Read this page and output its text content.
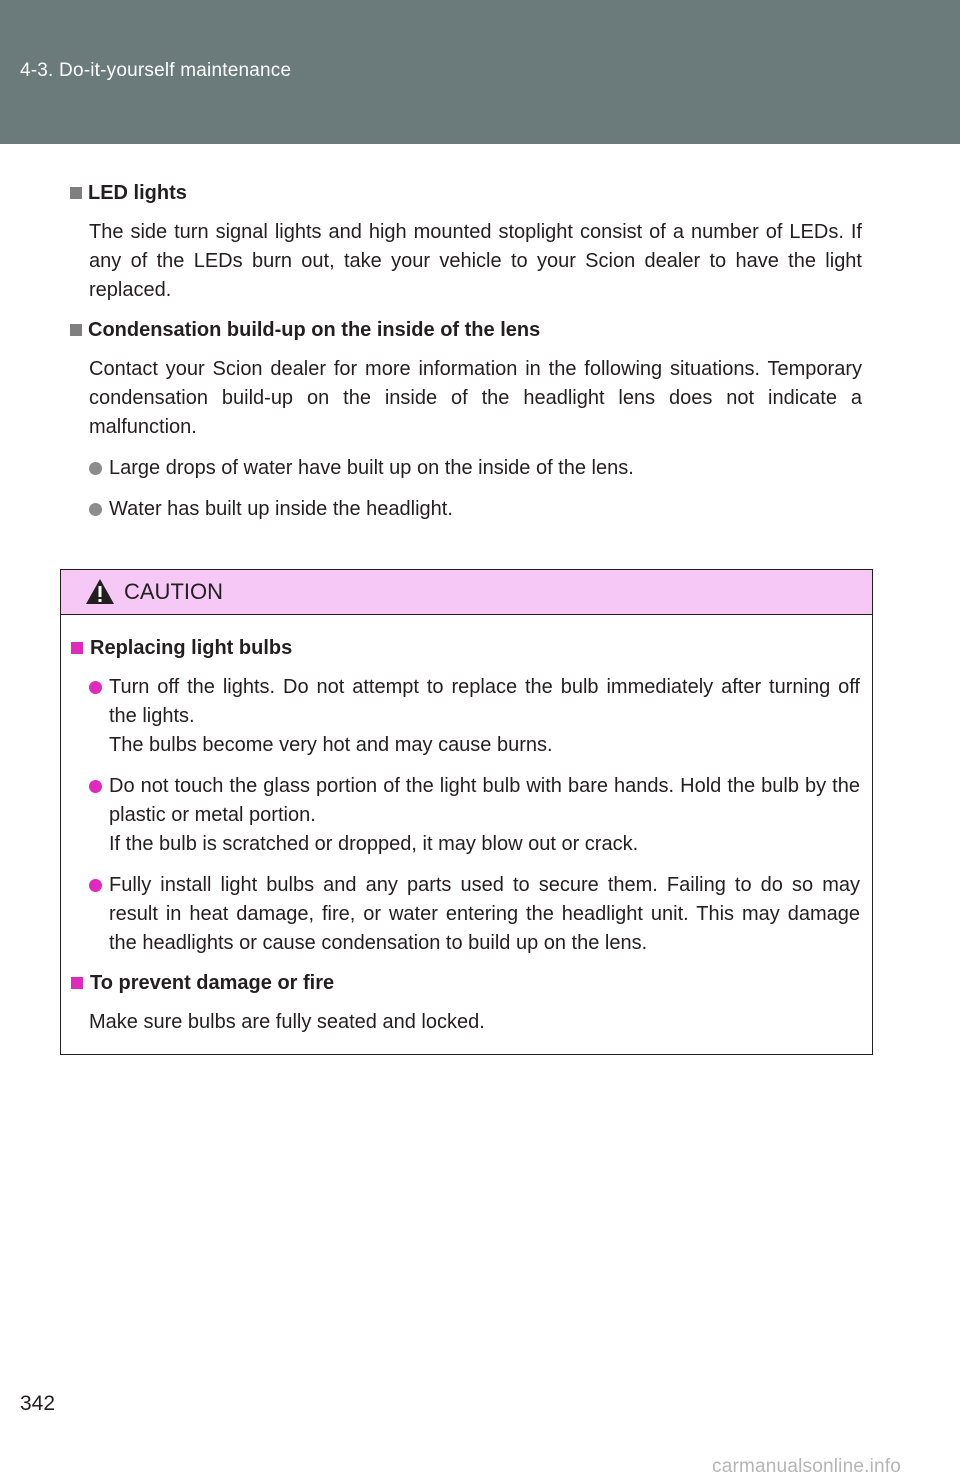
4-3. Do-it-yourself maintenance
LED lights

The side turn signal lights and high mounted stoplight consist of a number of LEDs. If any of the LEDs burn out, take your vehicle to your Scion dealer to have the light replaced.

Condensation build-up on the inside of the lens

Contact your Scion dealer for more information in the following situations. Temporary condensation build-up on the inside of the headlight lens does not indicate a malfunction.

Large drops of water have built up on the inside of the lens.
Water has built up inside the headlight.
CAUTION
Replacing light bulbs
Turn off the lights. Do not attempt to replace the bulb immediately after turning off the lights.
The bulbs become very hot and may cause burns.
Do not touch the glass portion of the light bulb with bare hands. Hold the bulb by the plastic or metal portion.
If the bulb is scratched or dropped, it may blow out or crack.
Fully install light bulbs and any parts used to secure them. Failing to do so may result in heat damage, fire, or water entering the headlight unit. This may damage the headlights or cause condensation to build up on the lens.
To prevent damage or fire

Make sure bulbs are fully seated and locked.

342
carmanualsonline.info
